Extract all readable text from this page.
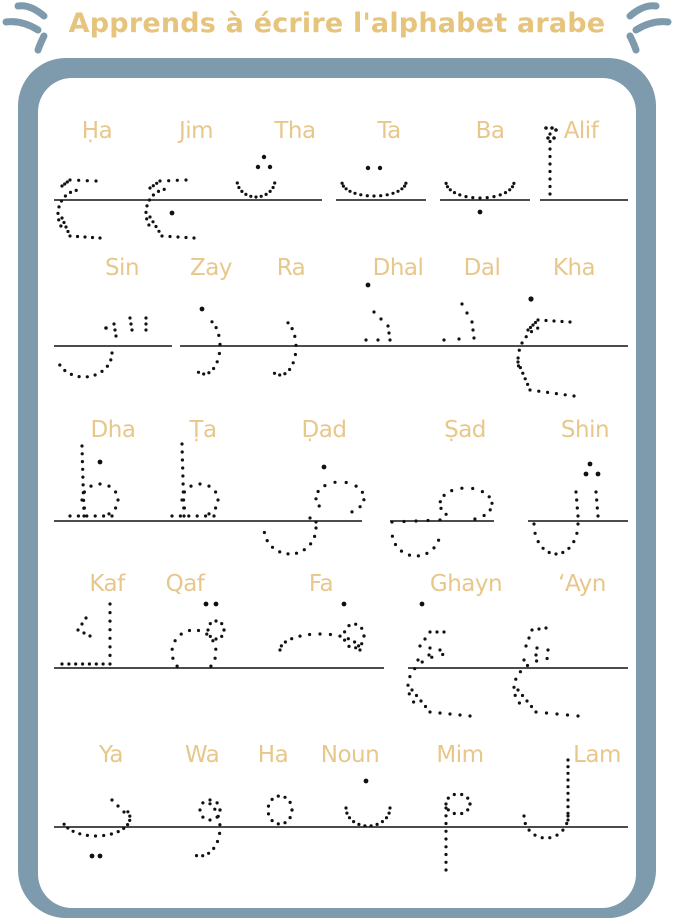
Apprends à écrire l'alphabet arabe
Ḥa	Jim	Tha	Ta	Ba	Alif
Sin	Zay	Ra	Dhal	Dal	Kha
Dha	Ṭa	Ḍad	Ṣad	Shin
Kaf	Qaf	Fa	Ghayn	ʻAyn
Ya	Wa	Ha	Noun	Mim	Lam
